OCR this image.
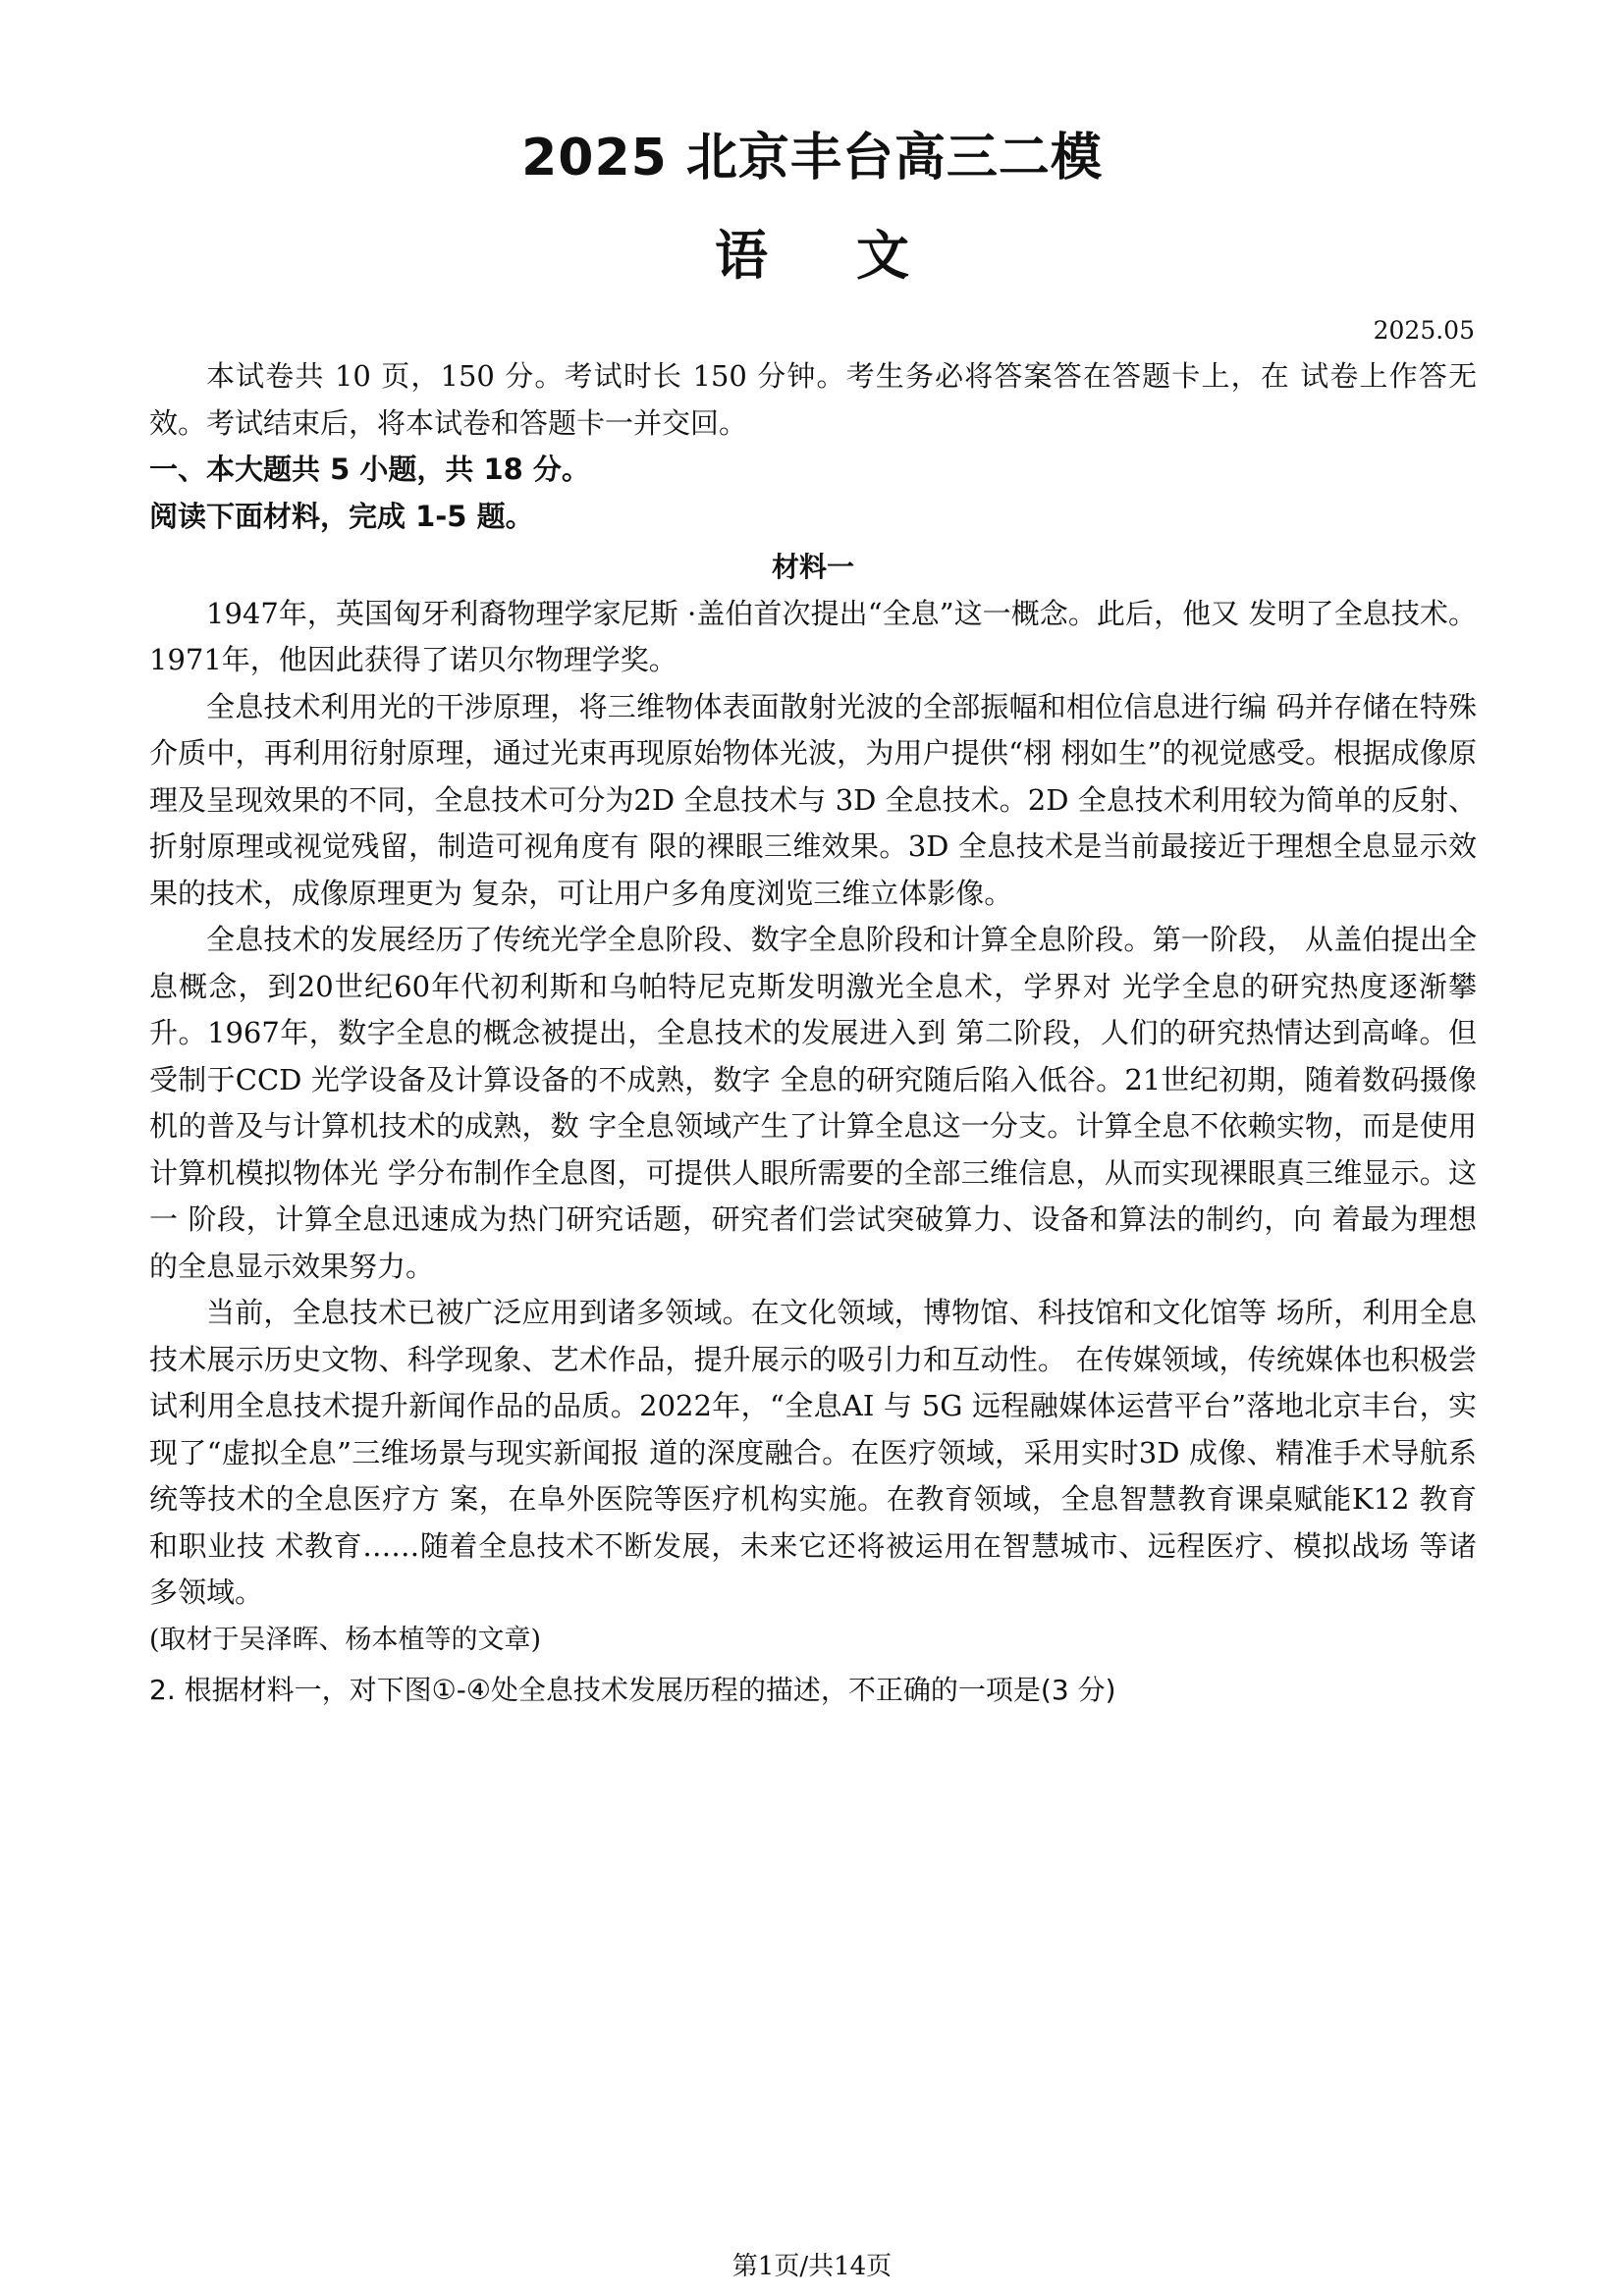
2025 北京丰台高三二模
语文
2025.05

本试卷共 10 页，150 分。考试时长 150 分钟。考生务必将答案答在答题卡上，在 试卷上作答无效。考试结束后，将本试卷和答题卡一并交回。

一、本大题共 5 小题，共 18 分。

阅读下面材料，完成 1-5 题。

材料一

1947年，英国匈牙利裔物理学家尼斯 ·盖伯首次提出“全息”这一概念。此后，他又 发明了全息技术。1971年，他因此获得了诺贝尔物理学奖。

全息技术利用光的干涉原理，将三维物体表面散射光波的全部振幅和相位信息进行编 码并存储在特殊介质中，再利用衍射原理，通过光束再现原始物体光波，为用户提供“栩 栩如生”的视觉感受。根据成像原理及呈现效果的不同，全息技术可分为2D 全息技术与 3D 全息技术。2D 全息技术利用较为简单的反射、折射原理或视觉残留，制造可视角度有 限的裸眼三维效果。3D 全息技术是当前最接近于理想全息显示效果的技术，成像原理更为 复杂，可让用户多角度浏览三维立体影像。

全息技术的发展经历了传统光学全息阶段、数字全息阶段和计算全息阶段。第一阶段， 从盖伯提出全息概念，到20世纪60年代初利斯和乌帕特尼克斯发明激光全息术，学界对 光学全息的研究热度逐渐攀升。1967年，数字全息的概念被提出，全息技术的发展进入到 第二阶段，人们的研究热情达到高峰。但受制于CCD 光学设备及计算设备的不成熟，数字 全息的研究随后陷入低谷。21世纪初期，随着数码摄像机的普及与计算机技术的成熟，数 字全息领域产生了计算全息这一分支。计算全息不依赖实物，而是使用计算机模拟物体光 学分布制作全息图，可提供人眼所需要的全部三维信息，从而实现裸眼真三维显示。这一 阶段，计算全息迅速成为热门研究话题，研究者们尝试突破算力、设备和算法的制约，向 着最为理想的全息显示效果努力。

当前，全息技术已被广泛应用到诸多领域。在文化领域，博物馆、科技馆和文化馆等 场所，利用全息技术展示历史文物、科学现象、艺术作品，提升展示的吸引力和互动性。 在传媒领域，传统媒体也积极尝试利用全息技术提升新闻作品的品质。2022年，“全息AI 与 5G 远程融媒体运营平台”落地北京丰台，实现了“虚拟全息”三维场景与现实新闻报 道的深度融合。在医疗领域，采用实时3D 成像、精准手术导航系统等技术的全息医疗方 案，在阜外医院等医疗机构实施。在教育领域，全息智慧教育课桌赋能K12 教育和职业技 术教育……随着全息技术不断发展，未来它还将被运用在智慧城市、远程医疗、模拟战场 等诸多领域。

(取材于吴泽晖、杨本植等的文章)

2. 根据材料一，对下图①-④处全息技术发展历程的描述，不正确的一项是(3 分)

第1页/共14页
